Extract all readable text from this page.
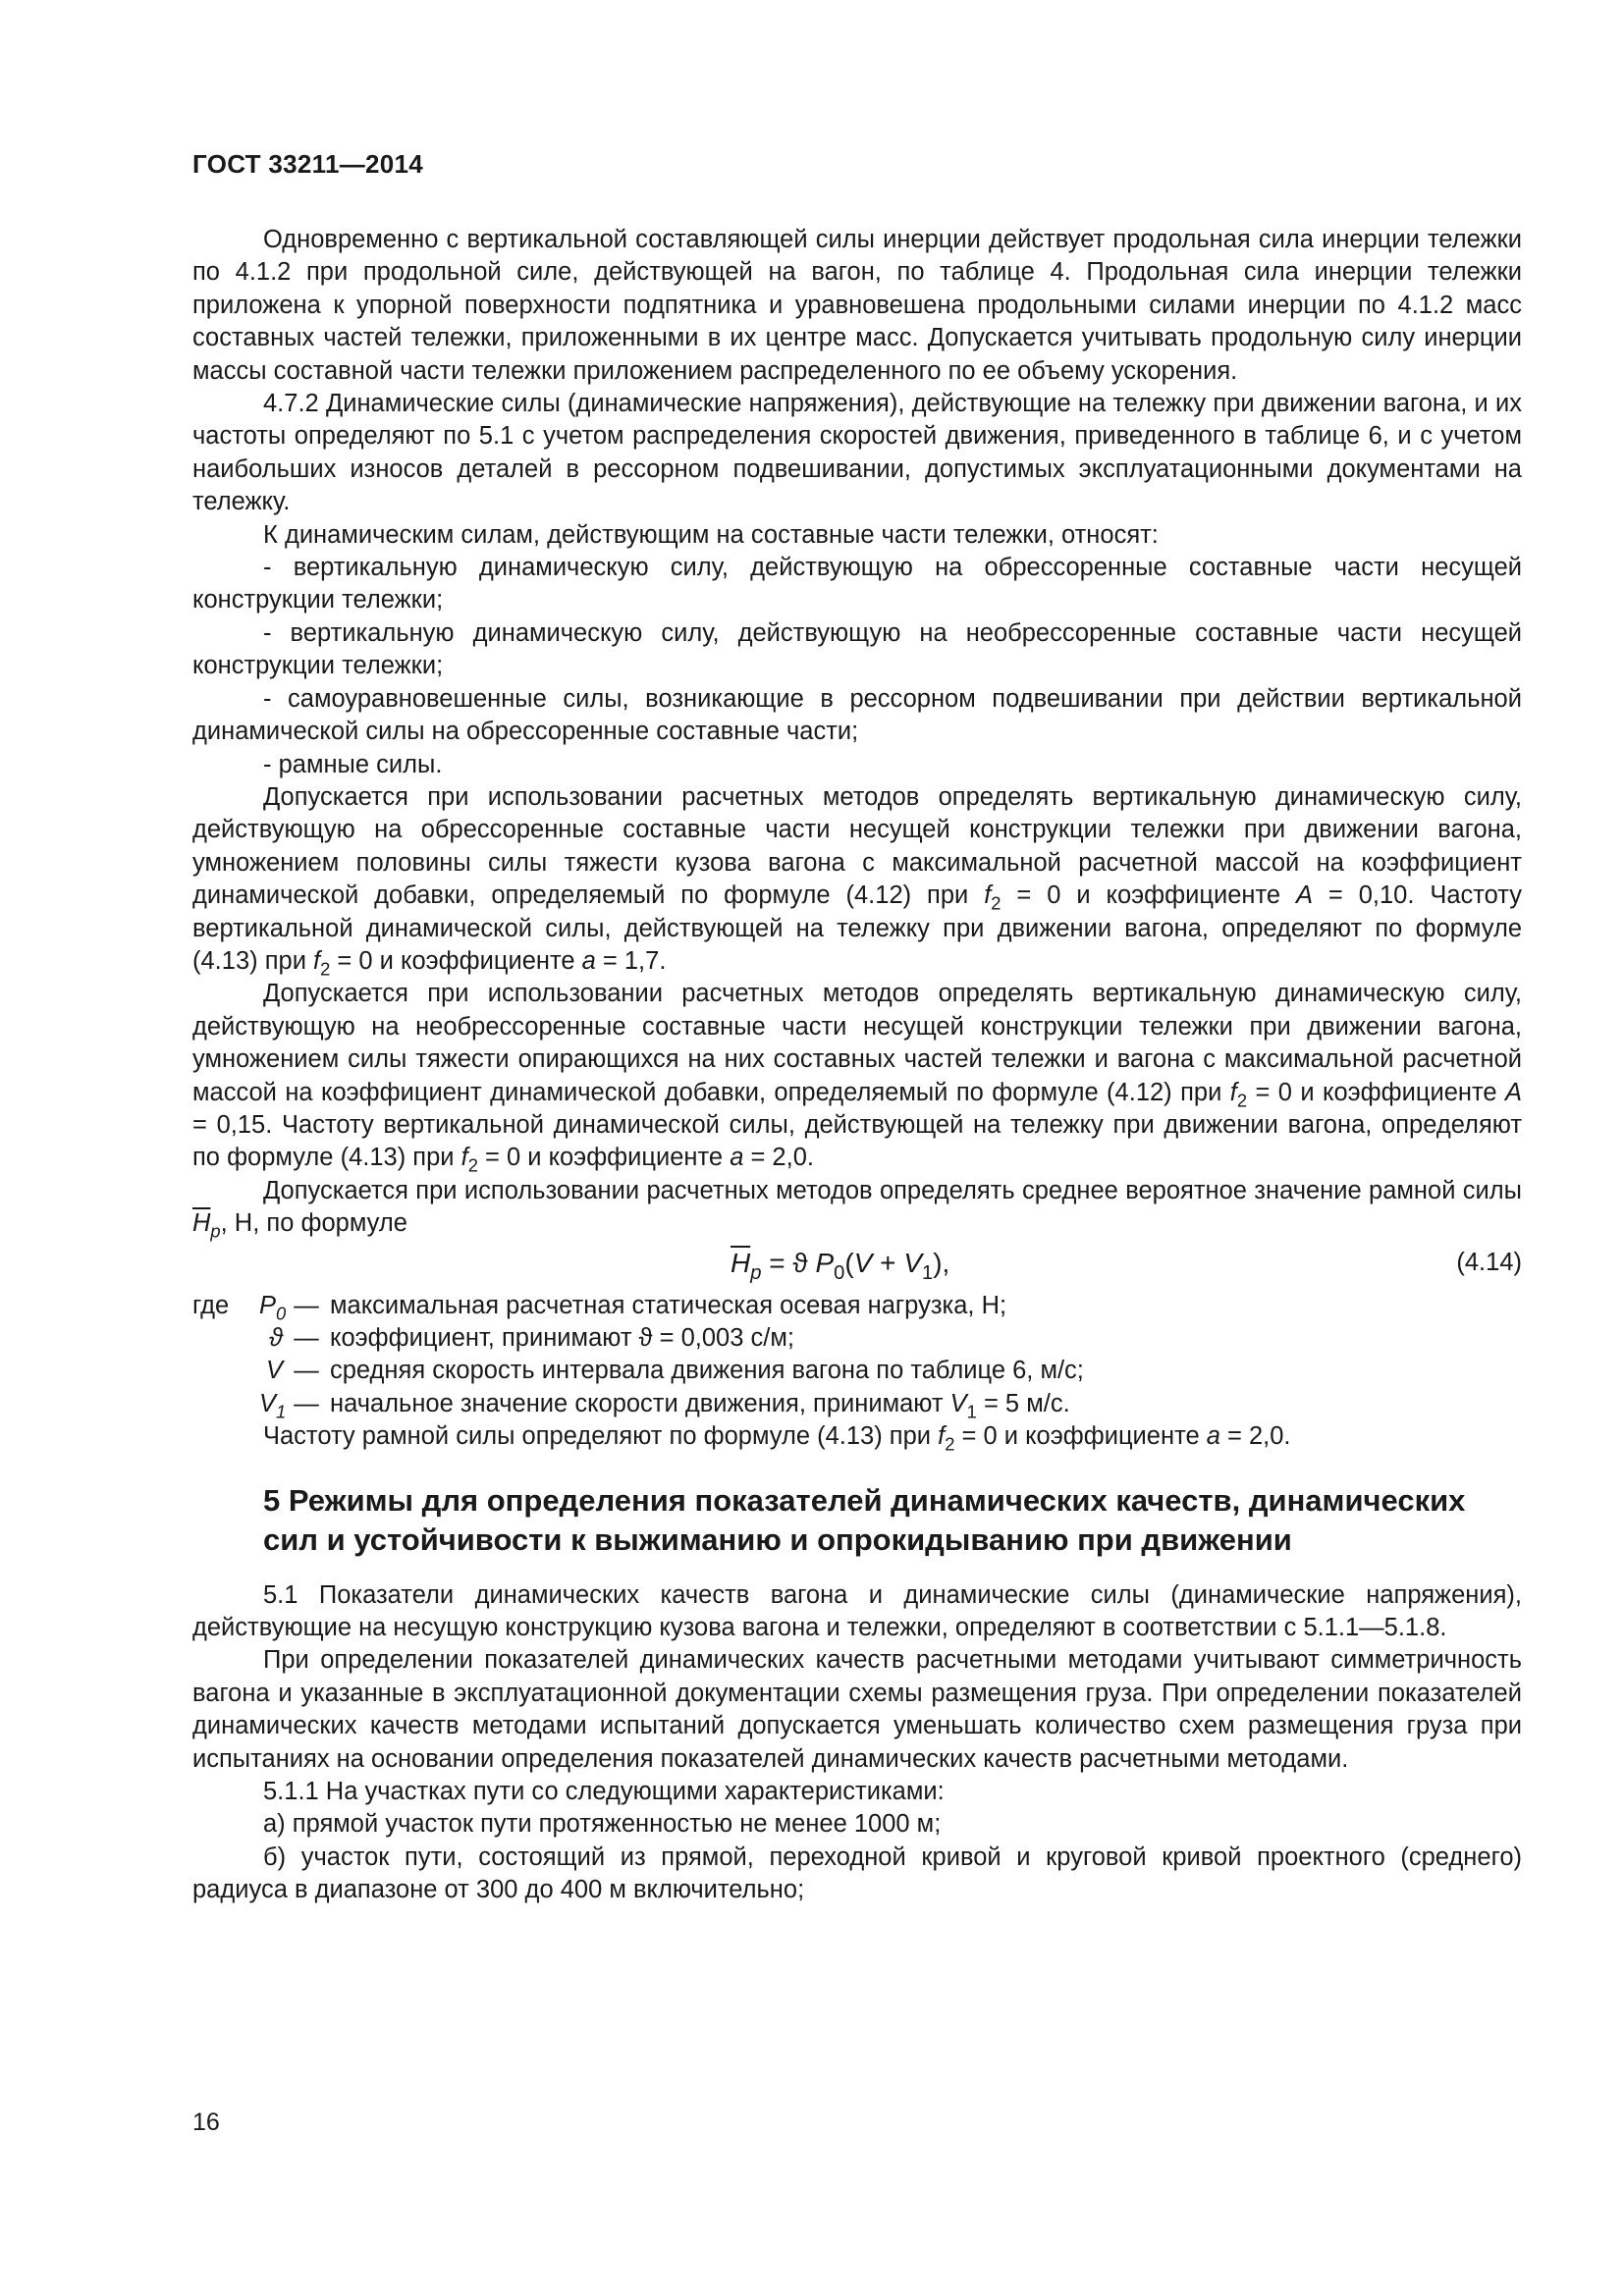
ГОСТ 33211—2014

Одновременно с вертикальной составляющей силы инерции действует продольная сила инерции тележки по 4.1.2 при продольной силе, действующей на вагон, по таблице 4. Продольная сила инерции тележки приложена к упорной поверхности подпятника и уравновешена продольными силами инерции по 4.1.2 масс составных частей тележки, приложенными в их центре масс. Допускается учитывать продольную силу инерции массы составной части тележки приложением распределенного по ее объему ускорения.

4.7.2 Динамические силы (динамические напряжения), действующие на тележку при движении вагона, и их частоты определяют по 5.1 с учетом распределения скоростей движения, приведенного в таблице 6, и с учетом наибольших износов деталей в рессорном подвешивании, допустимых эксплуатационными документами на тележку.

К динамическим силам, действующим на составные части тележки, относят:

- вертикальную динамическую силу, действующую на обрессоренные составные части несущей конструкции тележки;

- вертикальную динамическую силу, действующую на необрессоренные составные части несущей конструкции тележки;

- самоуравновешенные силы, возникающие в рессорном подвешивании при действии вертикальной динамической силы на обрессоренные составные части;

- рамные силы.

Допускается при использовании расчетных методов определять вертикальную динамическую силу, действующую на обрессоренные составные части несущей конструкции тележки при движении вагона, умножением половины силы тяжести кузова вагона с максимальной расчетной массой на коэффициент динамической добавки, определяемый по формуле (4.12) при $f_2 = 0$ и коэффициенте A = 0,10. Частоту вертикальной динамической силы, действующей на тележку при движении вагона, определяют по формуле (4.13) при $f_2 = 0$ и коэффициенте a = 1,7.

Допускается при использовании расчетных методов определять вертикальную динамическую силу, действующую на необрессоренные составные части несущей конструкции тележки при движении вагона, умножением силы тяжести опирающихся на них составных частей тележки и вагона с максимальной расчетной массой на коэффициент динамической добавки, определяемый по формуле (4.12) при $f_2 = 0$ и коэффициенте A = 0,15. Частоту вертикальной динамической силы, действующей на тележку при движении вагона, определяют по формуле (4.13) при $f_2 = 0$ и коэффициенте a = 2,0.

Допускается при использовании расчетных методов определять среднее вероятное значение рамной силы $\overline{H}_р$, Н, по формуле

$\overline{H}_р = ϑ$ $P_0(V + V_1)$,	(4.14)
где	$P_0$ — максимальная расчетная статическая осевая нагрузка, Н;
ϑ — коэффициент, принимают ϑ = 0,003 с/м;
V — средняя скорость интервала движения вагона по таблице 6, м/с;
$V_1$ — начальное значение скорости движения, принимают $V_1 = 5$ м/с.

Частоту рамной силы определяют по формуле (4.13) при $f_2 = 0$ и коэффициенте a = 2,0.

5 Режимы для определения показателей динамических качеств, динамических сил и устойчивости к выжиманию и опрокидыванию при движении

5.1 Показатели динамических качеств вагона и динамические силы (динамические напряжения), действующие на несущую конструкцию кузова вагона и тележки, определяют в соответствии с 5.1.1—5.1.8.

При определении показателей динамических качеств расчетными методами учитывают симметричность вагона и указанные в эксплуатационной документации схемы размещения груза. При определении показателей динамических качеств методами испытаний допускается уменьшать количество схем размещения груза при испытаниях на основании определения показателей динамических качеств расчетными методами.

5.1.1 На участках пути со следующими характеристиками:

а) прямой участок пути протяженностью не менее 1000 м;

б) участок пути, состоящий из прямой, переходной кривой и круговой кривой проектного (среднего) радиуса в диапазоне от 300 до 400 м включительно;

16
